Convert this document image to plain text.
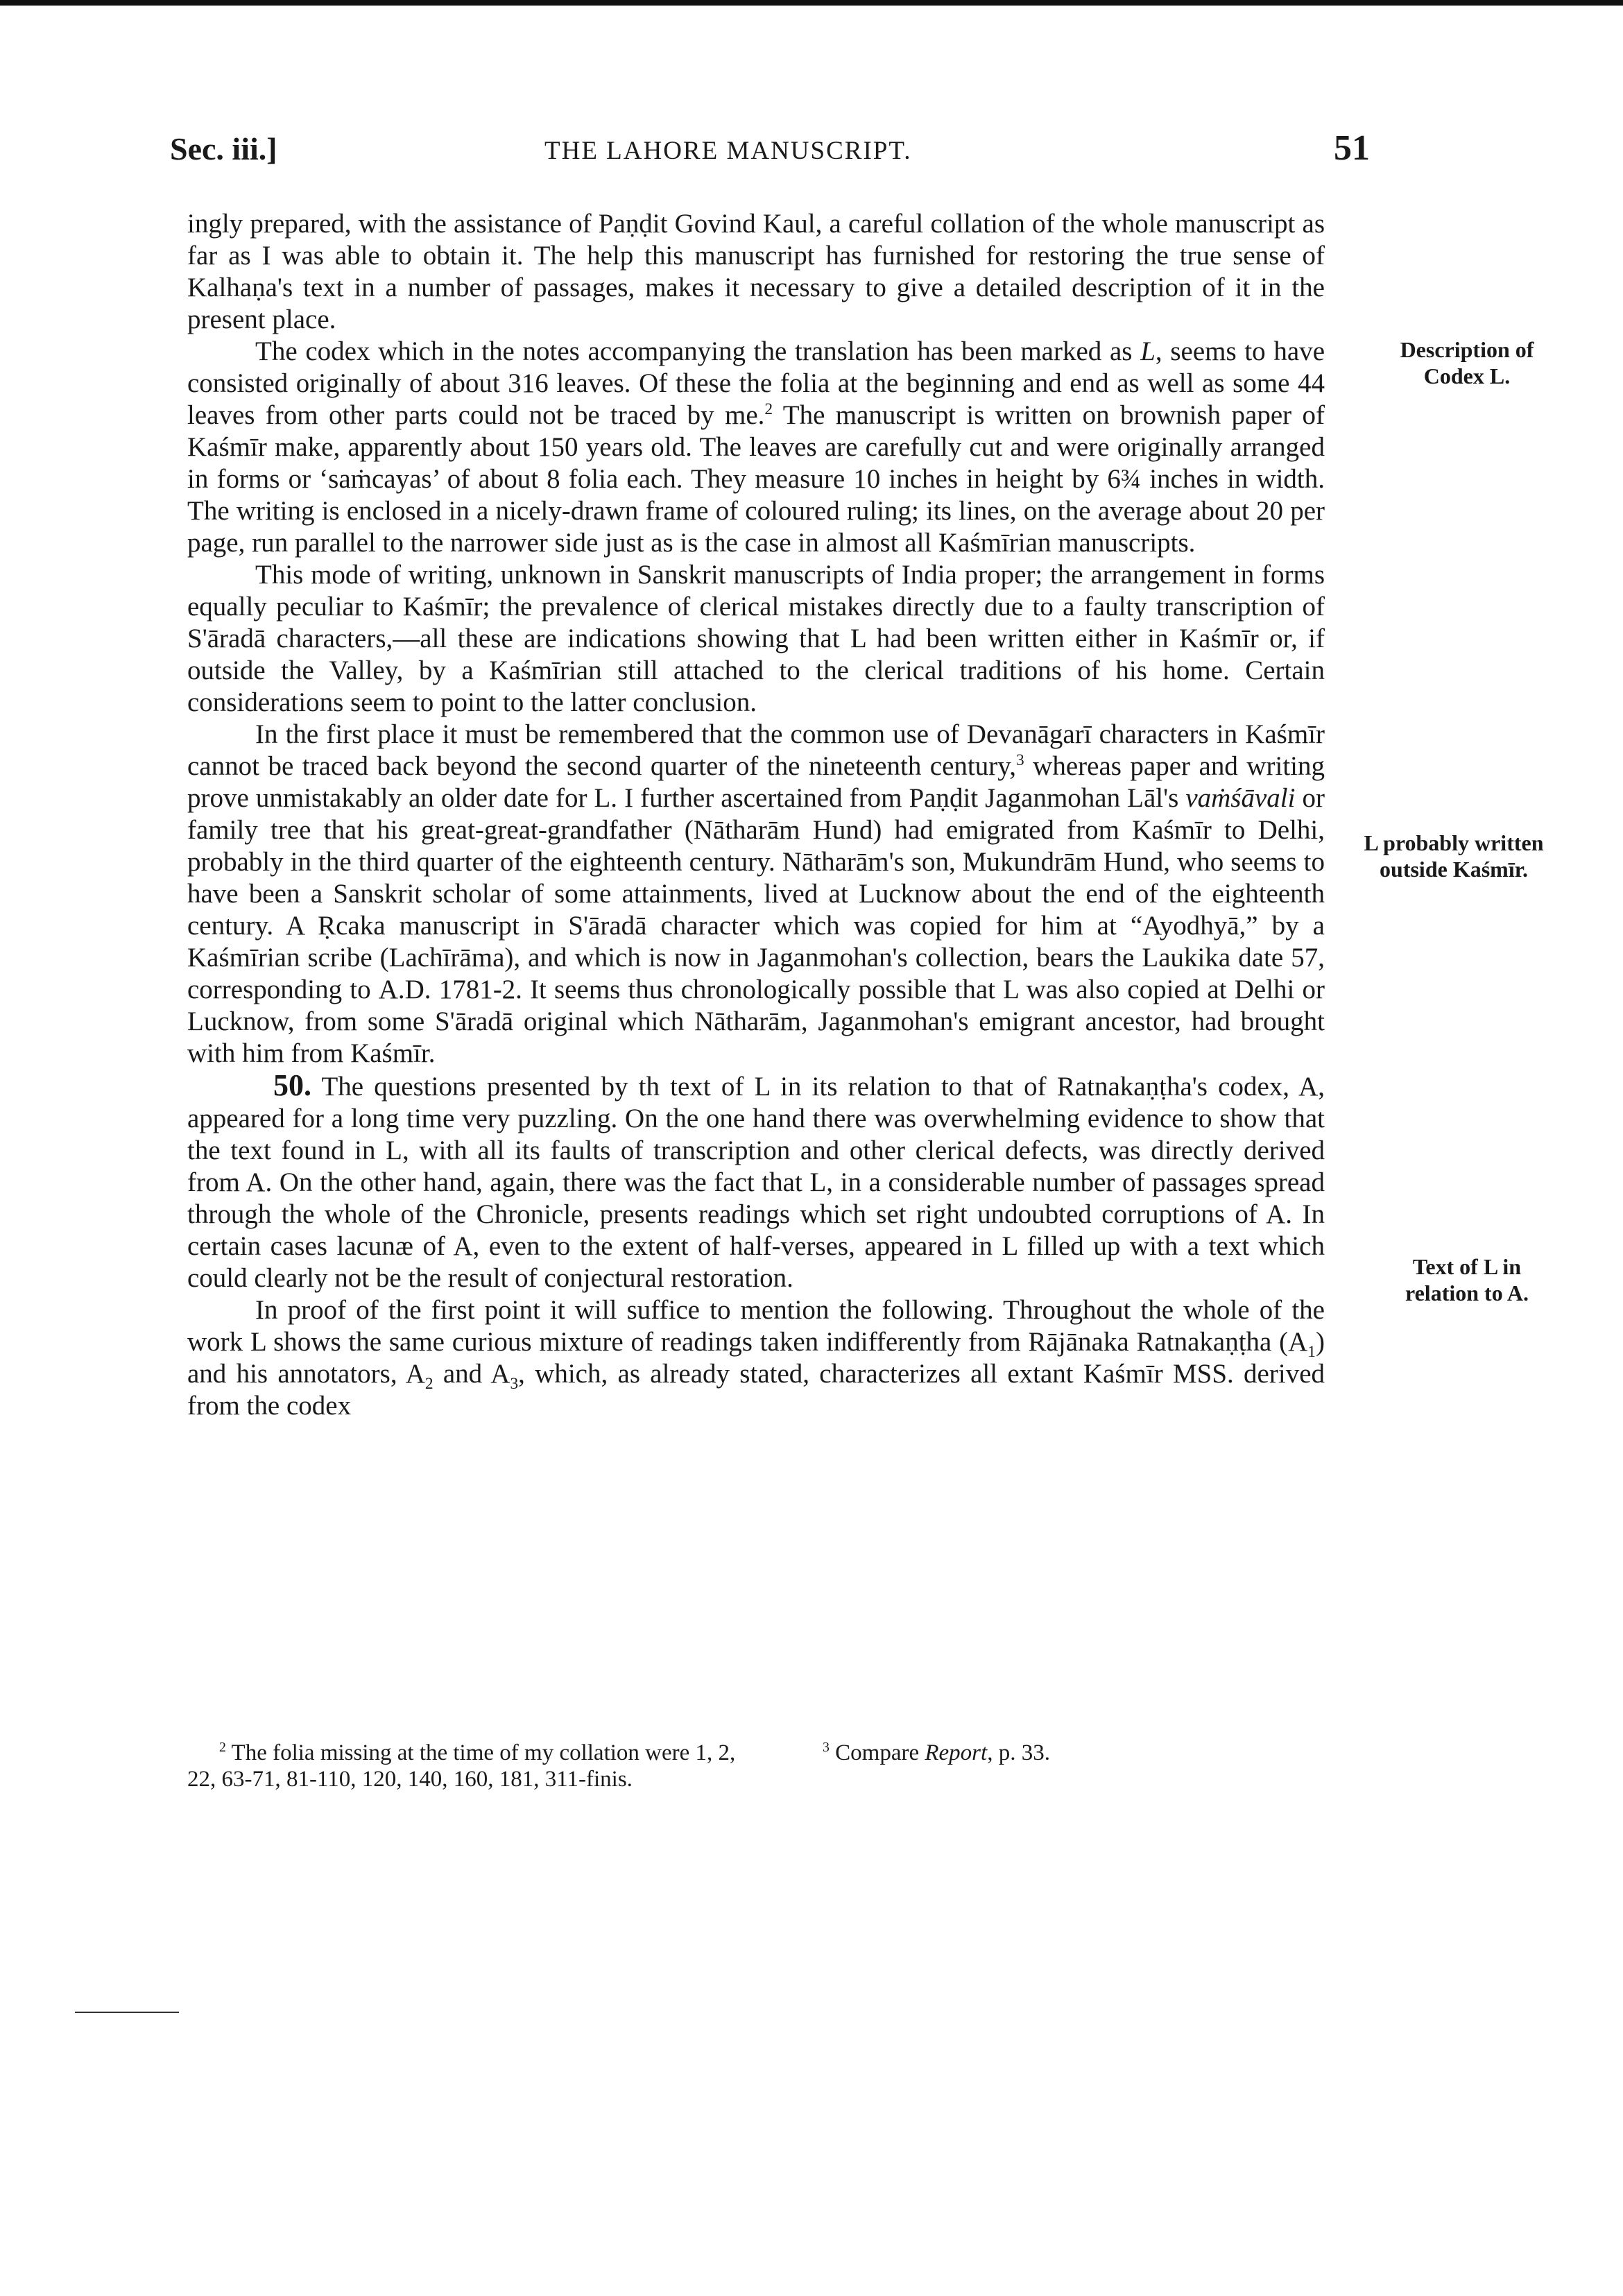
Sec. iii.]	THE LAHORE MANUSCRIPT.	51

ingly prepared, with the assistance of Paṇḍit Govind Kaul, a careful collation of the whole manuscript as far as I was able to obtain it. The help this manuscript has furnished for restoring the true sense of Kalhaṇa's text in a number of passages, makes it necessary to give a detailed description of it in the present place.

The codex which in the notes accompanying the translation has been marked as L, seems to have consisted originally of about 316 leaves. Of these the folia at the beginning and end as well as some 44 leaves from other parts could not be traced by me.$^2$ The manuscript is written on brownish paper of Kaśmīr make, apparently about 150 years old. The leaves are carefully cut and were originally arranged in forms or ‘saṁcayas’ of about 8 folia each. They measure 10 inches in height by 6¾ inches in width. The writing is enclosed in a nicely-drawn frame of coloured ruling; its lines, on the average about 20 per page, run parallel to the narrower side just as is the case in almost all Kaśmīrian manuscripts.

This mode of writing, unknown in Sanskrit manuscripts of India proper; the arrangement in forms equally peculiar to Kaśmīr; the prevalence of clerical mistakes directly due to a faulty transcription of S'āradā characters,—all these are indications showing that L had been written either in Kaśmīr or, if outside the Valley, by a Kaśmīrian still attached to the clerical traditions of his home. Certain considerations seem to point to the latter conclusion.

In the first place it must be remembered that the common use of Devanāgarī characters in Kaśmīr cannot be traced back beyond the second quarter of the nineteenth century,$^3$ whereas paper and writing prove unmistakably an older date for L. I further ascertained from Paṇḍit Jaganmohan Lāl's vaṁśāvali or family tree that his great-great-grandfather (Nātharām Hund) had emigrated from Kaśmīr to Delhi, probably in the third quarter of the eighteenth century. Nātharām's son, Mukundrām Hund, who seems to have been a Sanskrit scholar of some attainments, lived at Lucknow about the end of the eighteenth century. A Ṛcaka manuscript in S'āradā character which was copied for him at “Ayodhyā,” by a Kaśmīrian scribe (Lachīrāma), and which is now in Jaganmohan's collection, bears the Laukika date 57, corresponding to A.D. 1781-2. It seems thus chronologically possible that L was also copied at Delhi or Lucknow, from some S'āradā original which Nātharām, Jaganmohan's emigrant ancestor, had brought with him from Kaśmīr.

50. The questions presented by th text of L in its relation to that of Ratnakaṇṭha's codex, A, appeared for a long time very puzzling. On the one hand there was overwhelming evidence to show that the text found in L, with all its faults of transcription and other clerical defects, was directly derived from A. On the other hand, again, there was the fact that L, in a considerable number of passages spread through the whole of the Chronicle, presents readings which set right undoubted corruptions of A. In certain cases lacunæ of A, even to the extent of half-verses, appeared in L filled up with a text which could clearly not be the result of conjectural restoration.

In proof of the first point it will suffice to mention the following. Throughout the whole of the work L shows the same curious mixture of readings taken indifferently from Rājānaka Ratnakaṇṭha $(A_1)$ and his annotators, $A_2$ and $A_3$, which, as already stated, characterizes all extant Kaśmīr MSS. derived from the codex

Description of
Codex L.
L probably written
outside Kaśmīr.
Text of L in
relation to A.
$^2$ The folia missing at the time of my collation were 1, 2, 22, 63-71, 81-110, 120, 140, 160, 181, 311-finis.
$^3$ Compare Report, p. 33.
